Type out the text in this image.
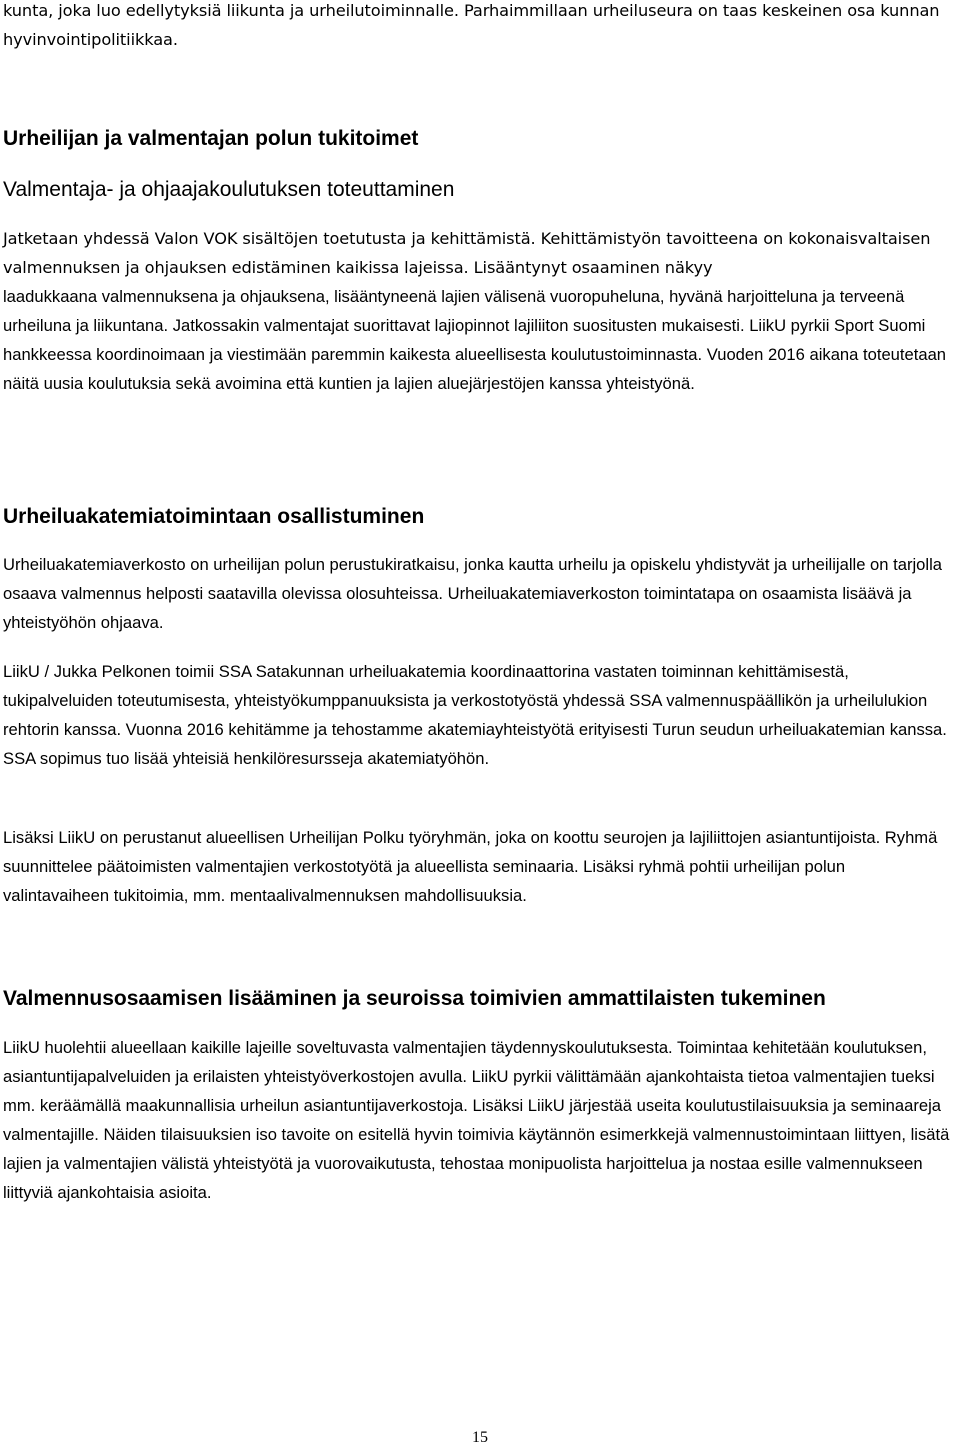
kunta, joka luo edellytyksiä liikunta ja urheilutoiminnalle. Parhaimmillaan urheiluseura on taas keskeinen osa kunnan hyvinvointipolitiikkaa.

Urheilijan ja valmentajan polun tukitoimet
Valmentaja- ja ohjaajakoulutuksen toteuttaminen

Jatketaan yhdessä Valon VOK sisältöjen toetutusta ja kehittämistä. Kehittämistyön tavoitteena on kokonaisvaltaisen valmennuksen ja ohjauksen edistäminen kaikissa lajeissa. Lisääntynyt osaaminen näkyy

laadukkaana valmennuksena ja ohjauksena, lisääntyneenä lajien välisenä vuoropuheluna, hyvänä harjoitteluna ja terveenä urheiluna ja liikuntana. Jatkossakin valmentajat suorittavat lajiopinnot lajiliiton suositusten mukaisesti. LiikU pyrkii Sport Suomi hankkeessa koordinoimaan ja viestimään paremmin kaikesta alueellisesta koulutustoiminnasta. Vuoden 2016 aikana toteutetaan näitä uusia koulutuksia sekä avoimina että kuntien ja lajien aluejärjestöjen kanssa yhteistyönä.

Urheiluakatemiatoimintaan osallistuminen

Urheiluakatemiaverkosto on urheilijan polun perustukiratkaisu, jonka kautta urheilu ja opiskelu yhdistyvät ja urheilijalle on tarjolla osaava valmennus helposti saatavilla olevissa olosuhteissa. Urheiluakatemiaverkoston toimintatapa on osaamista lisäävä ja yhteistyöhön ohjaava.

LiikU / Jukka Pelkonen toimii SSA Satakunnan urheiluakatemia koordinaattorina vastaten toiminnan kehittämisestä, tukipalveluiden toteutumisesta, yhteistyökumppanuuksista ja verkostotyöstä yhdessä SSA valmennuspäällikön ja urheilulukion rehtorin kanssa. Vuonna 2016 kehitämme ja tehostamme akatemiayhteistyötä erityisesti Turun seudun urheiluakatemian kanssa. SSA sopimus tuo lisää yhteisiä henkilöresursseja akatemiatyöhön.

Lisäksi LiikU on perustanut alueellisen Urheilijan Polku työryhmän, joka on koottu seurojen ja lajiliittojen asiantuntijoista. Ryhmä suunnittelee päätoimisten valmentajien verkostotyötä ja alueellista seminaaria. Lisäksi ryhmä pohtii urheilijan polun valintavaiheen tukitoimia, mm. mentaalivalmennuksen mahdollisuuksia.

Valmennusosaamisen lisääminen ja seuroissa toimivien ammattilaisten tukeminen

LiikU huolehtii alueellaan kaikille lajeille soveltuvasta valmentajien täydennyskoulutuksesta. Toimintaa kehitetään koulutuksen, asiantuntijapalveluiden ja erilaisten yhteistyöverkostojen avulla. LiikU pyrkii välittämään ajankohtaista tietoa valmentajien tueksi mm. keräämällä maakunnallisia urheilun asiantuntijaverkostoja. Lisäksi LiikU järjestää useita koulutustilaisuuksia ja seminaareja valmentajille. Näiden tilaisuuksien iso tavoite on esitellä hyvin toimivia käytännön esimerkkejä valmennustoimintaan liittyen, lisätä lajien ja valmentajien välistä yhteistyötä ja vuorovaikutusta, tehostaa monipuolista harjoittelua ja nostaa esille valmennukseen liittyviä ajankohtaisia asioita.

15
